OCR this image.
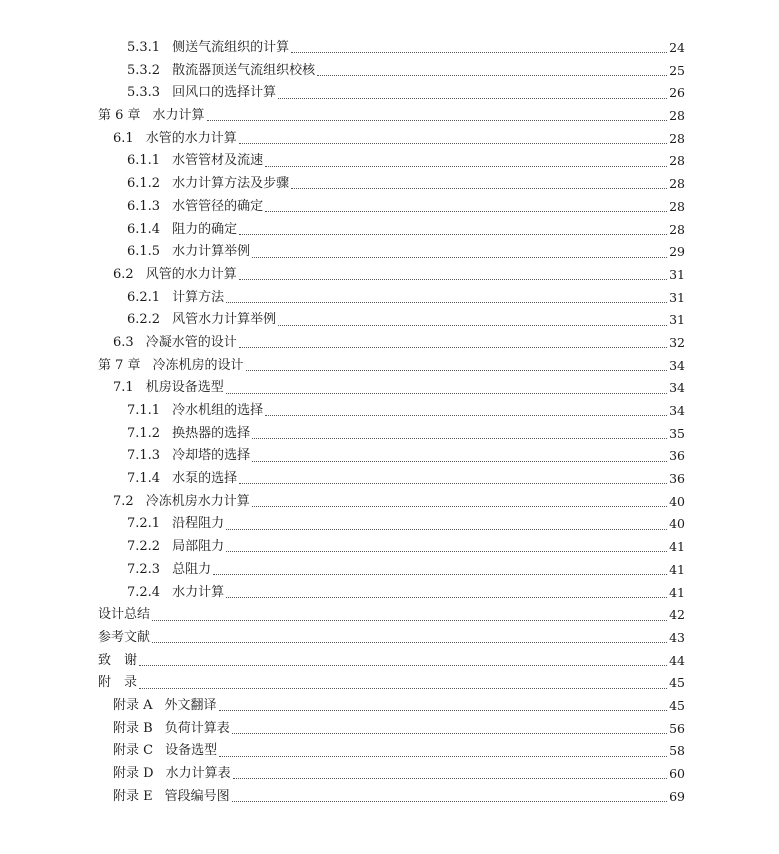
5.3.1 侧送气流组织的计算	24
5.3.2 散流器顶送气流组织校核	25
5.3.3 回风口的选择计算	26
第 6 章 水力计算	28
6.1 水管的水力计算	28
6.1.1 水管管材及流速	28
6.1.2 水力计算方法及步骤	28
6.1.3 水管管径的确定	28
6.1.4 阻力的确定	28
6.1.5 水力计算举例	29
6.2 风管的水力计算	31
6.2.1 计算方法	31
6.2.2 风管水力计算举例	31
6.3 冷凝水管的设计	32
第 7 章 冷冻机房的设计	34
7.1 机房设备选型	34
7.1.1 冷水机组的选择	34
7.1.2 换热器的选择	35
7.1.3 冷却塔的选择	36
7.1.4 水泵的选择	36
7.2 冷冻机房水力计算	40
7.2.1 沿程阻力	40
7.2.2 局部阻力	41
7.2.3 总阻力	41
7.2.4 水力计算	41
设计总结	42
参考文献	43
致　谢	44
附　录	45
附录 A 外文翻译	45
附录 B 负荷计算表	56
附录 C 设备选型	58
附录 D 水力计算表	60
附录 E 管段编号图	69
